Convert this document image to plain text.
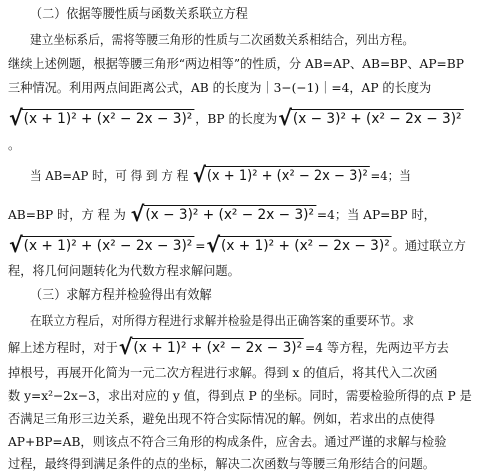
（二）依据等腰性质与函数关系联立方程
建立坐标系后，需将等腰三角形的性质与二次函数关系相结合，列出方程。
继续上述例题，根据等腰三角形“两边相等”的性质，分 AB=AP、AB=BP、AP=BP
三种情况。利用两点间距离公式，AB 的长度为｜3−(−1)｜=4，AP 的长度为
√ (x + 1)² + (x² − 2x − 3)² ，BP 的长度为 √ (x − 3)² + (x² − 2x − 3)²
。
当 AB=AP 时，可 得 到 方 程 √ (x + 1)² + (x² − 2x − 3)² =4；当
AB=BP 时，方 程 为 √ (x − 3)² + (x² − 2x − 3)² =4；当 AP=BP 时，
√ (x + 1)² + (x² − 2x − 3)² = √ (x + 1)² + (x² − 2x − 3)² 。通过联立方
程，将几何问题转化为代数方程求解问题。
（三）求解方程并检验得出有效解
在联立方程后，对所得方程进行求解并检验是得出正确答案的重要环节。求
解上述方程时，对于 √ (x + 1)² + (x² − 2x − 3)² =4 等方程，先两边平方去
掉根号，再展开化简为一元二次方程进行求解。得到 x 的值后，将其代入二次函
数 y=x²−2x−3，求出对应的 y 值，得到点 P 的坐标。同时，需要检验所得的点 P 是
否满足三角形三边关系，避免出现不符合实际情况的解。例如，若求出的点使得
AP+BP=AB，则该点不符合三角形的构成条件，应舍去。通过严谨的求解与检验
过程，最终得到满足条件的点的坐标，解决二次函数与等腰三角形结合的问题。
